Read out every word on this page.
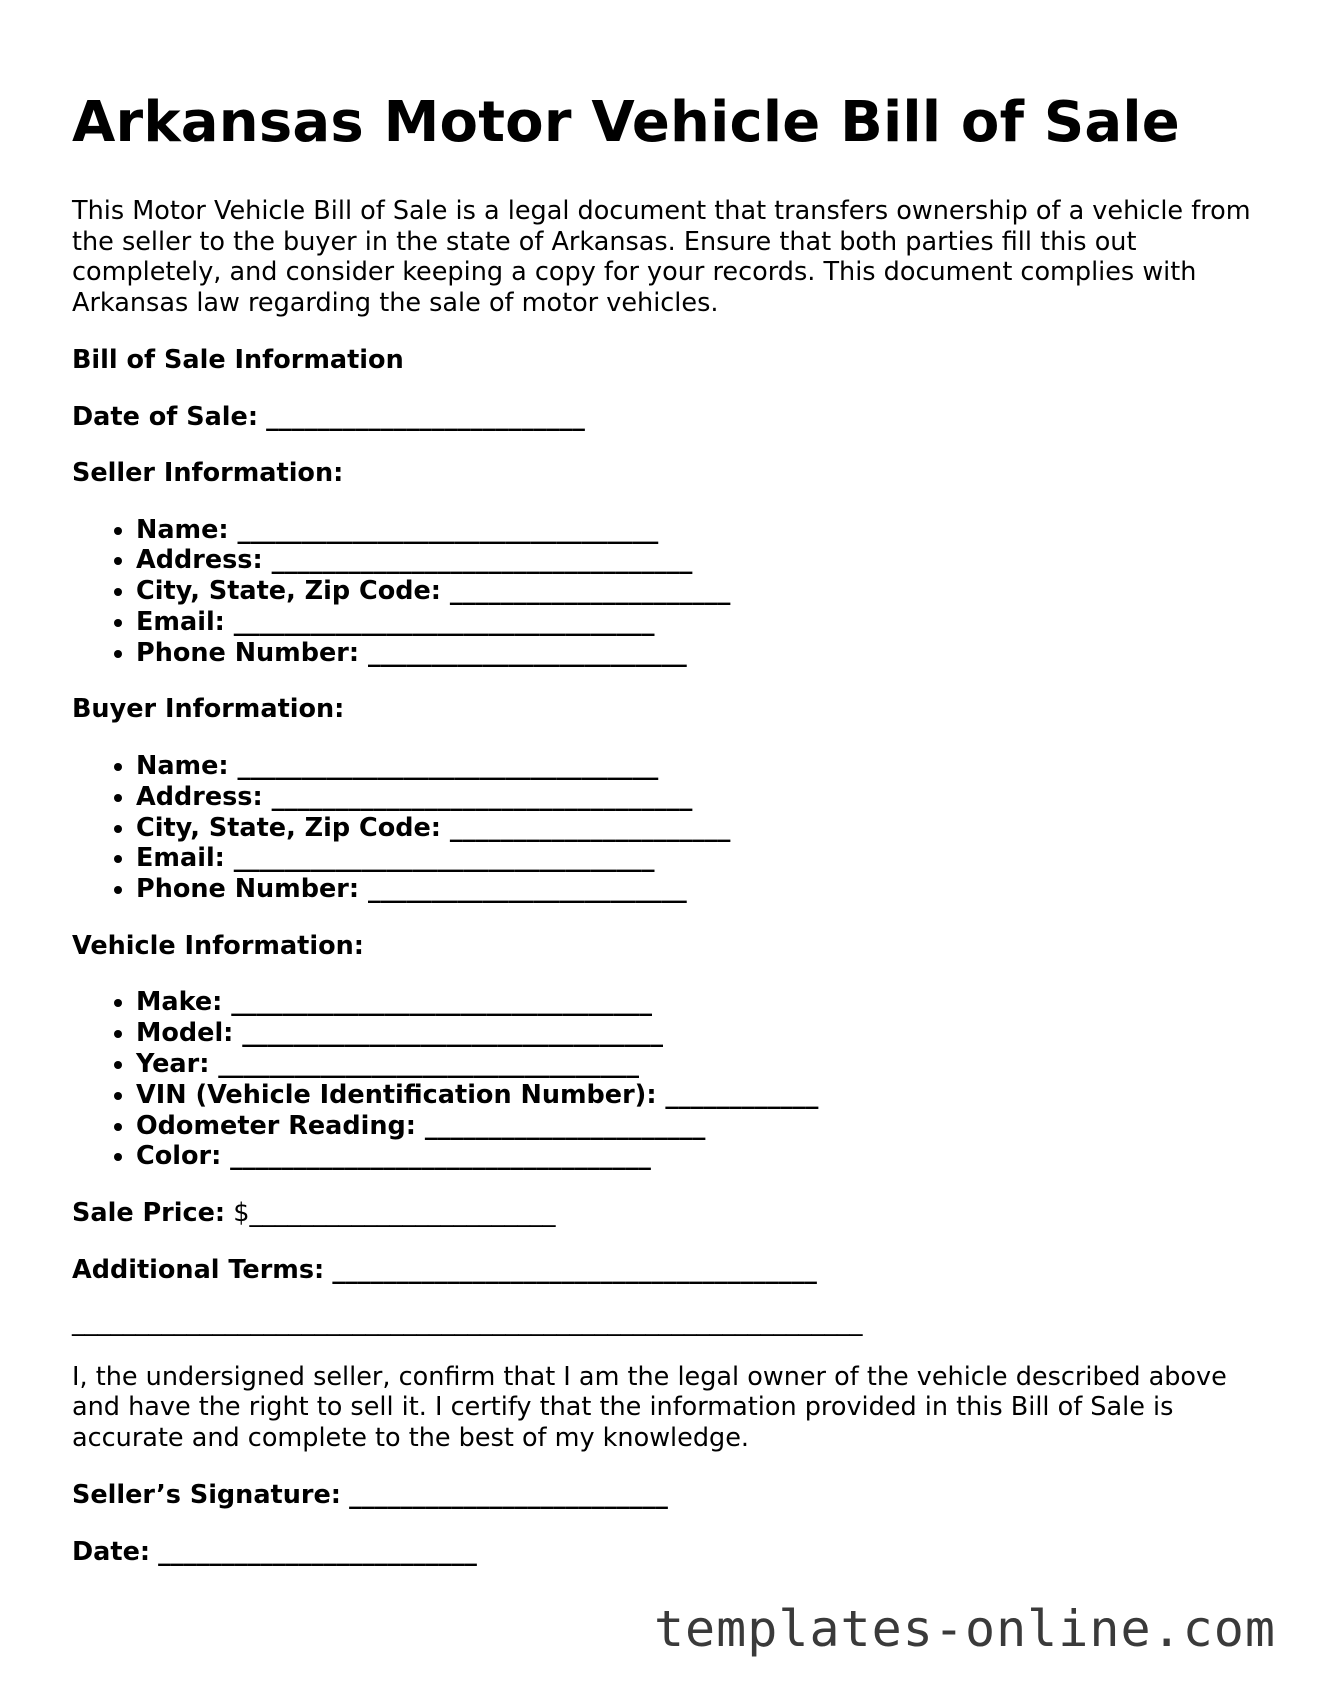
Arkansas Motor Vehicle Bill of Sale

This Motor Vehicle Bill of Sale is a legal document that transfers ownership of a vehicle from the seller to the buyer in the state of Arkansas. Ensure that both parties fill this out completely, and consider keeping a copy for your records. This document complies with Arkansas law regarding the sale of motor vehicles.

Bill of Sale Information
Date of Sale: _________________________
Seller Information:
• Name: _________________________________
• Address: _________________________________
• City, State, Zip Code: ______________________
• Email: _________________________________
• Phone Number: _________________________
Buyer Information:
• Name: _________________________________
• Address: _________________________________
• City, State, Zip Code: ______________________
• Email: _________________________________
• Phone Number: _________________________
Vehicle Information:
• Make: _________________________________
• Model: _________________________________
• Year: _________________________________
• VIN (Vehicle Identification Number): ____________
• Odometer Reading: ______________________
• Color: _________________________________
Sale Price: $________________________
Additional Terms: ______________________________________
______________________________________________________________

I, the undersigned seller, confirm that I am the legal owner of the vehicle described above and have the right to sell it. I certify that the information provided in this Bill of Sale is accurate and complete to the best of my knowledge.

Seller’s Signature: _________________________
Date: _________________________
templates-online.com
